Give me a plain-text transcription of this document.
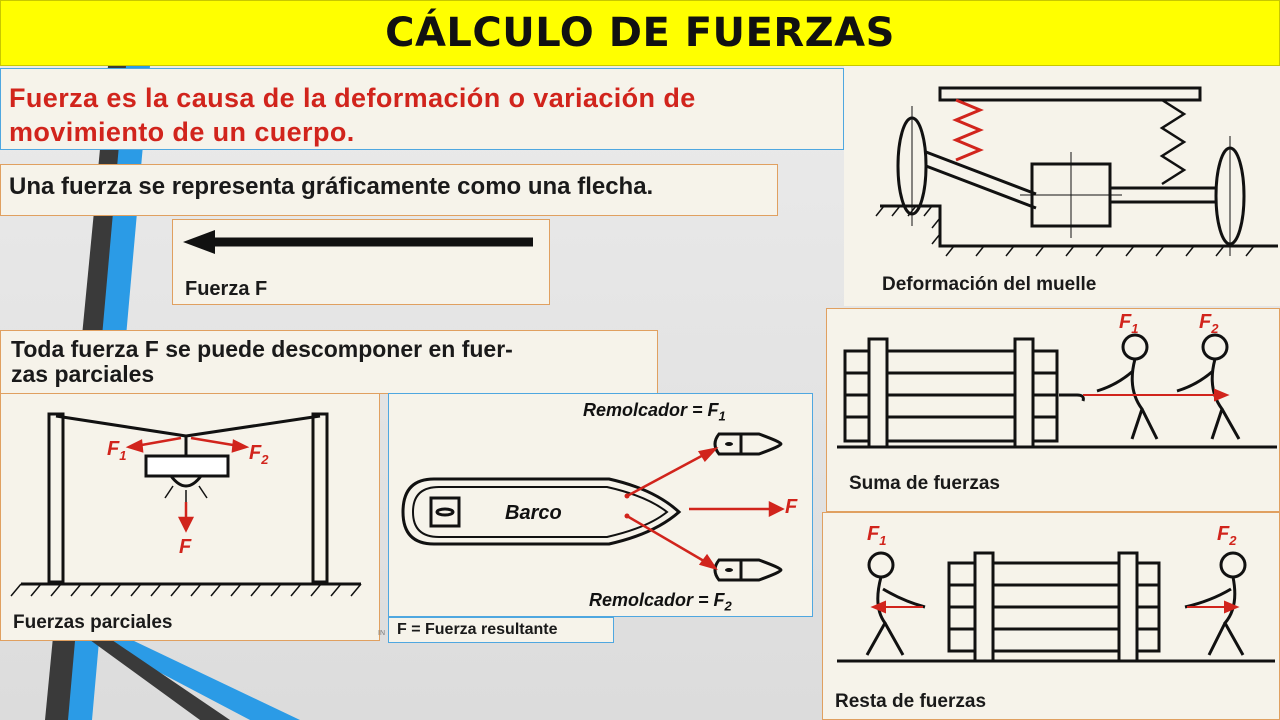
CÁLCULO DE FUERZAS
Fuerza es la causa de la deformación o variación de
movimiento de un cuerpo.
Una fuerza se representa gráficamente como una flecha.
Fuerza F
Toda fuerza F se puede descomponer en fuer-
zas parciales
$F_1$	$F_2$
F
Fuerzas parciales
Barco
Remolcador = $F_1$
Remolcador = $F_2$
F
F = Fuerza resultante
IN
Deformación del muelle
$F_1$	$F_2$
Suma de fuerzas
$F_1$	$F_2$
Resta de fuerzas
